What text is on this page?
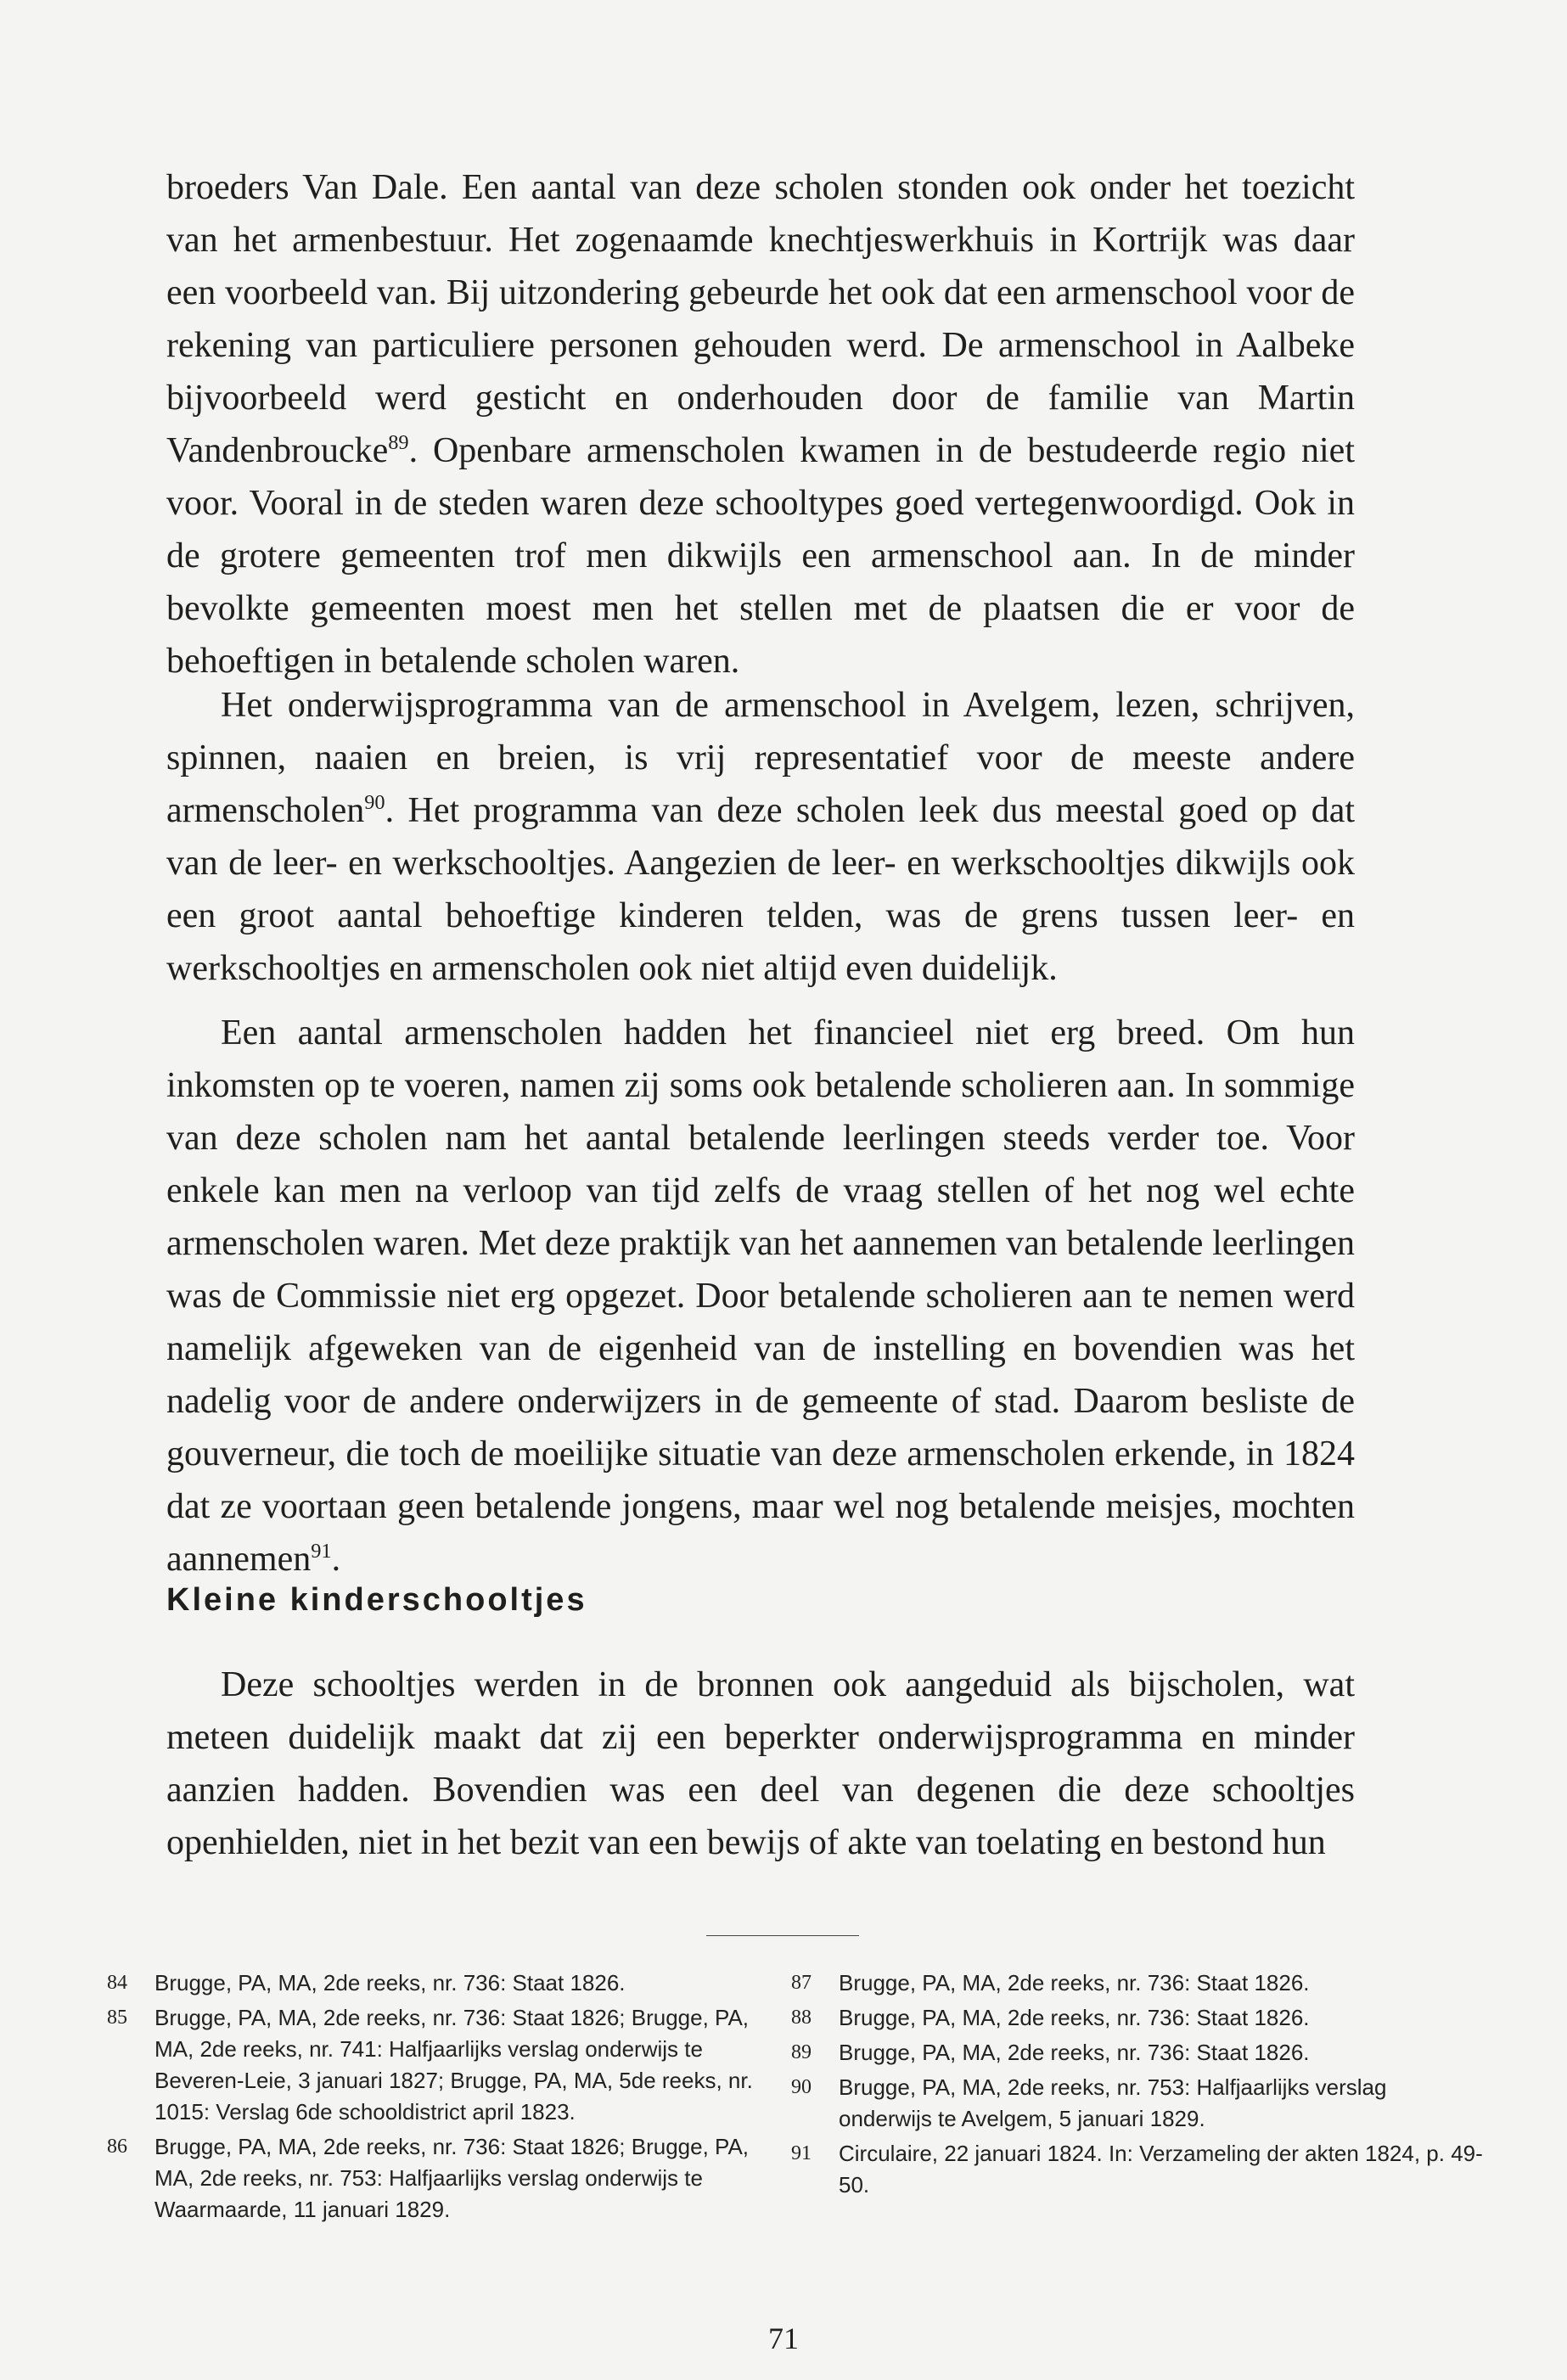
broeders Van Dale. Een aantal van deze scholen stonden ook onder het toezicht van het armenbestuur. Het zogenaamde knechtjeswerkhuis in Kortrijk was daar een voorbeeld van. Bij uitzondering gebeurde het ook dat een armenschool voor de rekening van particuliere personen gehouden werd. De armenschool in Aalbeke bijvoorbeeld werd gesticht en onderhouden door de familie van Martin Vandenbroucke$^{89}$. Openbare armenscholen kwamen in de bestudeerde regio niet voor. Vooral in de steden waren deze schooltypes goed vertegenwoordigd. Ook in de grotere gemeenten trof men dikwijls een armenschool aan. In de minder bevolkte gemeenten moest men het stellen met de plaatsen die er voor de behoeftigen in betalende scholen waren.

Het onderwijsprogramma van de armenschool in Avelgem, lezen, schrijven, spinnen, naaien en breien, is vrij representatief voor de meeste andere armenscholen$^{90}$. Het programma van deze scholen leek dus meestal goed op dat van de leer- en werkschooltjes. Aangezien de leer- en werkschooltjes dikwijls ook een groot aantal behoeftige kinderen telden, was de grens tussen leer- en werkschooltjes en armenscholen ook niet altijd even duidelijk.

Een aantal armenscholen hadden het financieel niet erg breed. Om hun inkomsten op te voeren, namen zij soms ook betalende scholieren aan. In sommige van deze scholen nam het aantal betalende leerlingen steeds verder toe. Voor enkele kan men na verloop van tijd zelfs de vraag stellen of het nog wel echte armenscholen waren. Met deze praktijk van het aannemen van betalende leerlingen was de Commissie niet erg opgezet. Door betalende scholieren aan te nemen werd namelijk afgeweken van de eigenheid van de instelling en bovendien was het nadelig voor de andere onderwijzers in de gemeente of stad. Daarom besliste de gouverneur, die toch de moeilijke situatie van deze armenscholen erkende, in 1824 dat ze voortaan geen betalende jongens, maar wel nog betalende meisjes, mochten aannemen$^{91}$.

Kleine kinderschooltjes

Deze schooltjes werden in de bronnen ook aangeduid als bijscholen, wat meteen duidelijk maakt dat zij een beperkter onderwijsprogramma en minder aanzien hadden. Bovendien was een deel van degenen die deze schooltjes openhielden, niet in het bezit van een bewijs of akte van toelating en bestond hun

84 Brugge, PA, MA, 2de reeks, nr. 736: Staat 1826.
85 Brugge, PA, MA, 2de reeks, nr. 736: Staat 1826; Brugge, PA, MA, 2de reeks, nr. 741: Halfjaarlijks verslag onderwijs te Beveren-Leie, 3 januari 1827; Brugge, PA, MA, 5de reeks, nr. 1015: Verslag 6de schooldistrict april 1823.
86 Brugge, PA, MA, 2de reeks, nr. 736: Staat 1826; Brugge, PA, MA, 2de reeks, nr. 753: Halfjaarlijks verslag onderwijs te Waarmaarde, 11 januari 1829.
87 Brugge, PA, MA, 2de reeks, nr. 736: Staat 1826.
88 Brugge, PA, MA, 2de reeks, nr. 736: Staat 1826.
89 Brugge, PA, MA, 2de reeks, nr. 736: Staat 1826.
90 Brugge, PA, MA, 2de reeks, nr. 753: Halfjaarlijks verslag onderwijs te Avelgem, 5 januari 1829.
91 Circulaire, 22 januari 1824. In: Verzameling der akten 1824, p. 49-50.

71
